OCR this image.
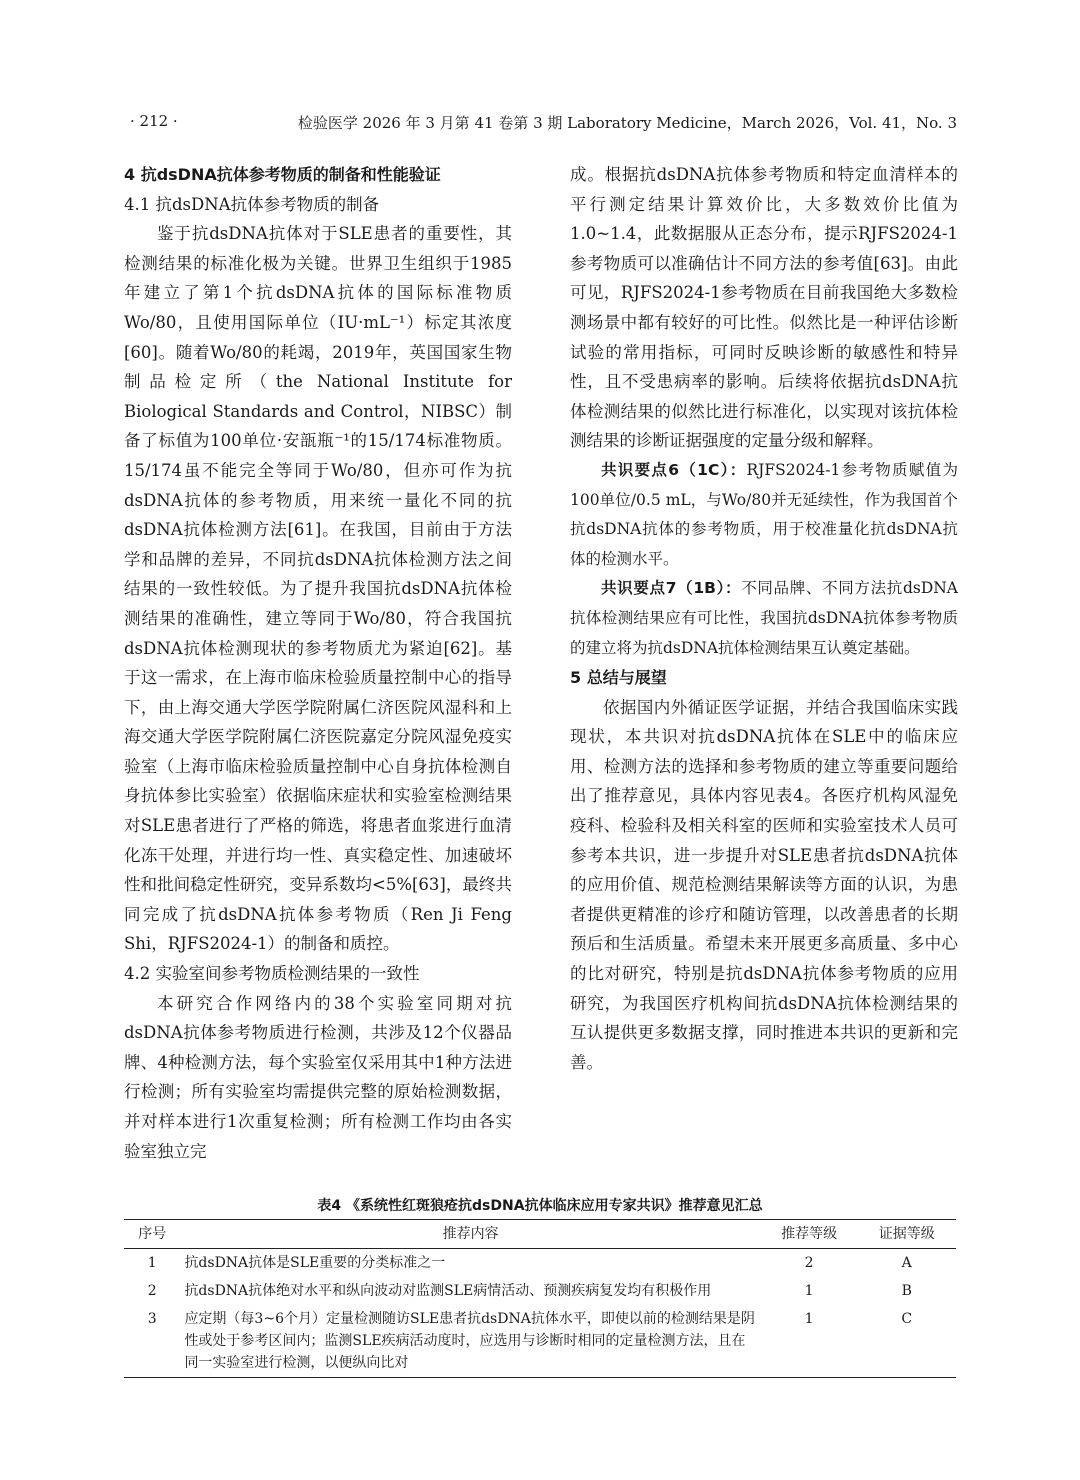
· 212 ·	检验医学 2026 年 3 月第 41 卷第 3 期 Laboratory Medicine，March 2026，Vol. 41，No. 3
4 抗dsDNA抗体参考物质的制备和性能验证
4.1 抗dsDNA抗体参考物质的制备

鉴于抗dsDNA抗体对于SLE患者的重要性，其检测结果的标准化极为关键。世界卫生组织于1985年建立了第1个抗dsDNA抗体的国际标准物质Wo/80，且使用国际单位（IU·mL⁻¹）标定其浓度[60]。随着Wo/80的耗竭，2019年，英国国家生物制品检定所（the National Institute for Biological Standards and Control，NIBSC）制备了标值为100单位·安瓿瓶⁻¹的15/174标准物质。15/174虽不能完全等同于Wo/80，但亦可作为抗dsDNA抗体的参考物质，用来统一量化不同的抗dsDNA抗体检测方法[61]。在我国，目前由于方法学和品牌的差异，不同抗dsDNA抗体检测方法之间结果的一致性较低。为了提升我国抗dsDNA抗体检测结果的准确性，建立等同于Wo/80，符合我国抗dsDNA抗体检测现状的参考物质尤为紧迫[62]。基于这一需求，在上海市临床检验质量控制中心的指导下，由上海交通大学医学院附属仁济医院风湿科和上海交通大学医学院附属仁济医院嘉定分院风湿免疫实验室（上海市临床检验质量控制中心自身抗体检测自身抗体参比实验室）依据临床症状和实验室检测结果对SLE患者进行了严格的筛选，将患者血浆进行血清化冻干处理，并进行均一性、真实稳定性、加速破坏性和批间稳定性研究，变异系数均<5%[63]，最终共同完成了抗dsDNA抗体参考物质（Ren Ji Feng Shi，RJFS2024-1）的制备和质控。

4.2 实验室间参考物质检测结果的一致性

本研究合作网络内的38个实验室同期对抗dsDNA抗体参考物质进行检测，共涉及12个仪器品牌、4种检测方法，每个实验室仅采用其中1种方法进行检测；所有实验室均需提供完整的原始检测数据，并对样本进行1次重复检测；所有检测工作均由各实验室独立完

成。根据抗dsDNA抗体参考物质和特定血清样本的平行测定结果计算效价比，大多数效价比值为1.0~1.4，此数据服从正态分布，提示RJFS2024-1参考物质可以准确估计不同方法的参考值[63]。由此可见，RJFS2024-1参考物质在目前我国绝大多数检测场景中都有较好的可比性。似然比是一种评估诊断试验的常用指标，可同时反映诊断的敏感性和特异性，且不受患病率的影响。后续将依据抗dsDNA抗体检测结果的似然比进行标准化，以实现对该抗体检测结果的诊断证据强度的定量分级和解释。

共识要点6（1C）：RJFS2024-1参考物质赋值为100单位/0.5 mL，与Wo/80并无延续性，作为我国首个抗dsDNA抗体的参考物质，用于校准量化抗dsDNA抗体的检测水平。

共识要点7（1B）：不同品牌、不同方法抗dsDNA抗体检测结果应有可比性，我国抗dsDNA抗体参考物质的建立将为抗dsDNA抗体检测结果互认奠定基础。

5 总结与展望

依据国内外循证医学证据，并结合我国临床实践现状，本共识对抗dsDNA抗体在SLE中的临床应用、检测方法的选择和参考物质的建立等重要问题给出了推荐意见，具体内容见表4。各医疗机构风湿免疫科、检验科及相关科室的医师和实验室技术人员可参考本共识，进一步提升对SLE患者抗dsDNA抗体的应用价值、规范检测结果解读等方面的认识，为患者提供更精准的诊疗和随访管理，以改善患者的长期预后和生活质量。希望未来开展更多高质量、多中心的比对研究，特别是抗dsDNA抗体参考物质的应用研究，为我国医疗机构间抗dsDNA抗体检测结果的互认提供更多数据支撑，同时推进本共识的更新和完善。

表4 《系统性红斑狼疮抗dsDNA抗体临床应用专家共识》推荐意见汇总
序号	推荐内容	推荐等级	证据等级
1	抗dsDNA抗体是SLE重要的分类标准之一	2	A
2	抗dsDNA抗体绝对水平和纵向波动对监测SLE病情活动、预测疾病复发均有积极作用	1	B
3	应定期（每3~6个月）定量检测随访SLE患者抗dsDNA抗体水平，即使以前的检测结果是阴性或处于参考区间内；监测SLE疾病活动度时，应选用与诊断时相同的定量检测方法，且在同一实验室进行检测，以便纵向比对	1	C
